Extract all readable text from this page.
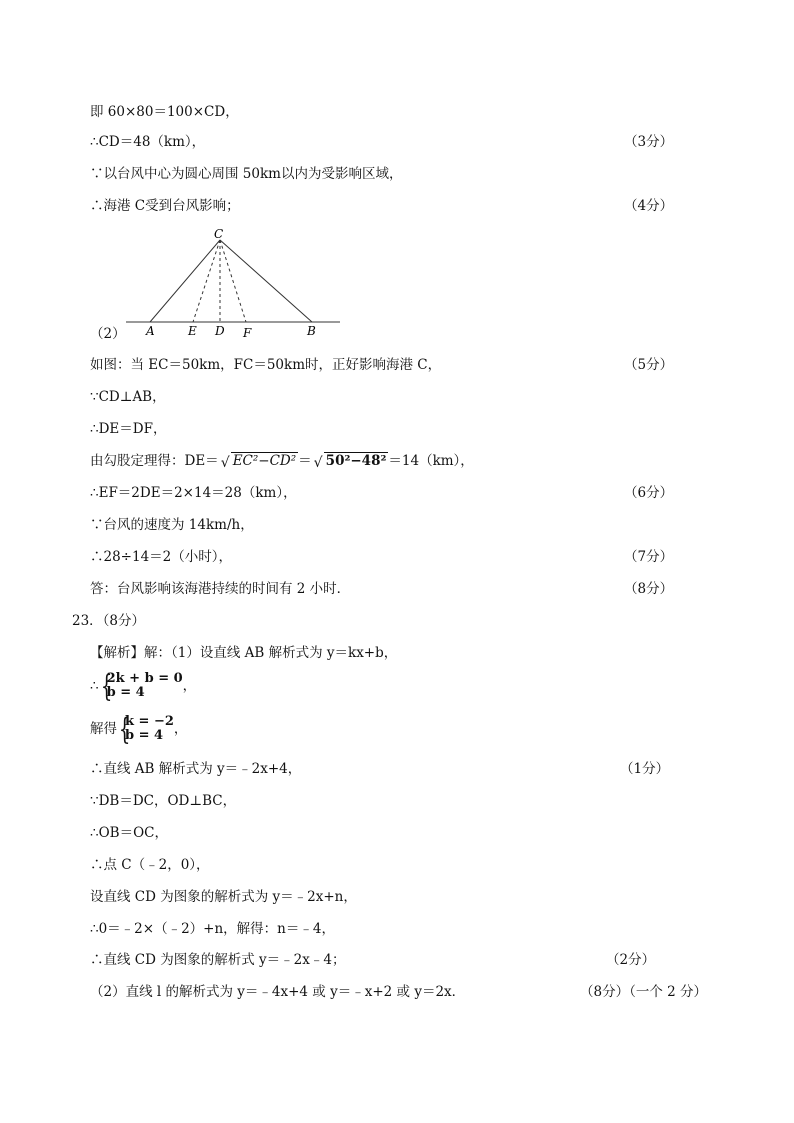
即 60×80＝100×CD，
∴CD＝48（km），	（3分）
∵以台风中心为圆心周围 50km以内为受影响区域，
∴海港 C受到台风影响；	（4分）
C
A	E D F	B
（2）
如图：当 EC＝50km，FC＝50km时，正好影响海港 C，	（5分）
∵CD⊥AB，
∴DE＝DF，
由勾股定理得：DE＝ √ EC²−CD² ＝ √ 50²−48² ＝14（km），
∴EF＝2DE＝2×14＝28（km），	（6分）
∵台风的速度为 14km/h，
∴28÷14＝2（小时），	（7分）
答：台风影响该海港持续的时间有 2 小时．	（8分）
23．（8分）
【解析】解：（1）设直线 AB 解析式为 y＝kx+b，
∴ {
2k + b = 0
b = 4	，
解得 {
k = −2
b = 4 ，
∴直线 AB 解析式为 y＝﹣2x+4，	（1分）
∵DB＝DC，OD⊥BC，
∴OB＝OC，
∴点 C（﹣2，0），
设直线 CD 为图象的解析式为 y＝﹣2x+n，
∴0＝﹣2×（﹣2）+n，解得：n＝﹣4，
∴直线 CD 为图象的解析式 y＝﹣2x﹣4；	（2分）
（2）直线 l 的解析式为 y＝﹣4x+4 或 y＝﹣x+2 或 y＝2x．	（8分）（一个 2 分）
